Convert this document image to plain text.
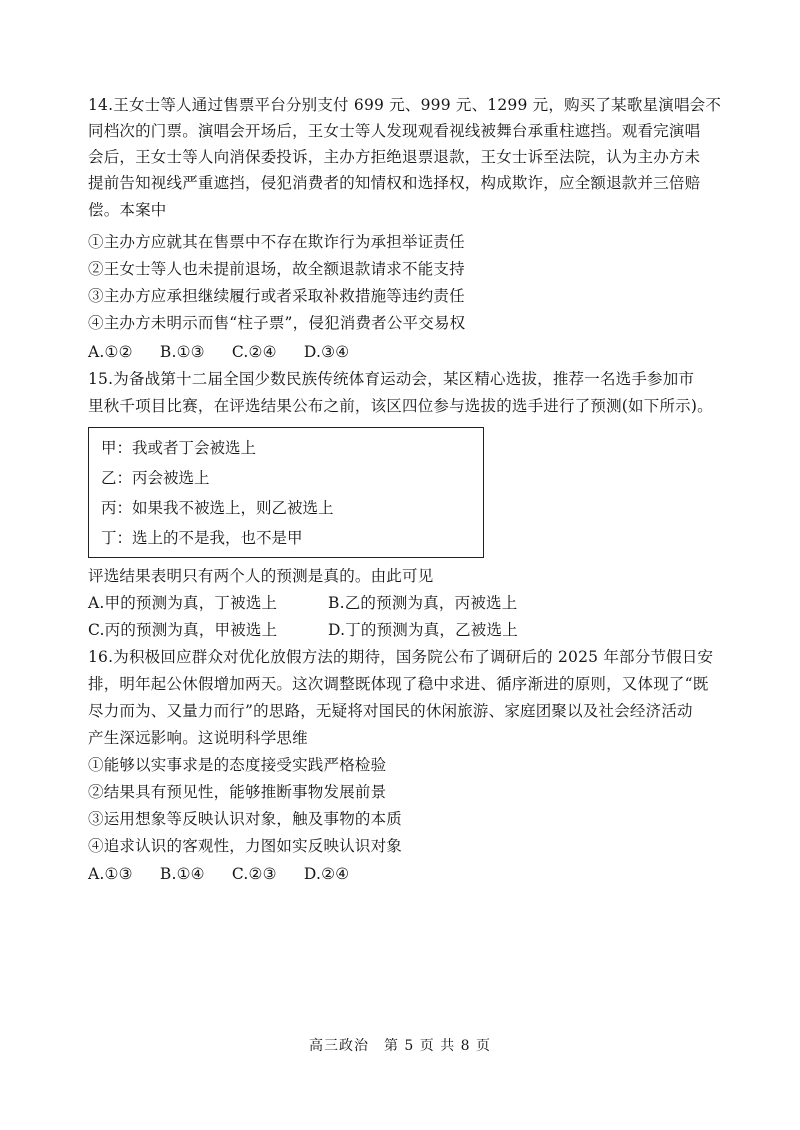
14.王女士等人通过售票平台分别支付 699 元、999 元、1299 元，购买了某歌星演唱会不
同档次的门票。演唱会开场后，王女士等人发现观看视线被舞台承重柱遮挡。观看完演唱
会后，王女士等人向消保委投诉，主办方拒绝退票退款，王女士诉至法院，认为主办方未
提前告知视线严重遮挡，侵犯消费者的知情权和选择权，构成欺诈，应全额退款并三倍赔
偿。本案中
①主办方应就其在售票中不存在欺诈行为承担举证责任
②王女士等人也未提前退场，故全额退款请求不能支持
③主办方应承担继续履行或者采取补救措施等违约责任
④主办方未明示而售“柱子票”，侵犯消费者公平交易权
A.①② B.①③ C.②④ D.③④
15.为备战第十二届全国少数民族传统体育运动会，某区精心选拔，推荐一名选手参加市
里秋千项目比赛，在评选结果公布之前，该区四位参与选拔的选手进行了预测(如下所示)。
甲：我或者丁会被选上
乙：丙会被选上
丙：如果我不被选上，则乙被选上
丁：选上的不是我，也不是甲
评选结果表明只有两个人的预测是真的。由此可见
A.甲的预测为真，丁被选上	B.乙的预测为真，丙被选上
C.丙的预测为真，甲被选上	D.丁的预测为真，乙被选上
16.为积极回应群众对优化放假方法的期待，国务院公布了调研后的 2025 年部分节假日安
排，明年起公休假增加两天。这次调整既体现了稳中求进、循序渐进的原则，又体现了“既
尽力而为、又量力而行”的思路，无疑将对国民的休闲旅游、家庭团聚以及社会经济活动
产生深远影响。这说明科学思维
①能够以实事求是的态度接受实践严格检验
②结果具有预见性，能够推断事物发展前景
③运用想象等反映认识对象，触及事物的本质
④追求认识的客观性，力图如实反映认识对象
A.①③ B.①④ C.②③ D.②④
高三政治　第 5 页 共 8 页
